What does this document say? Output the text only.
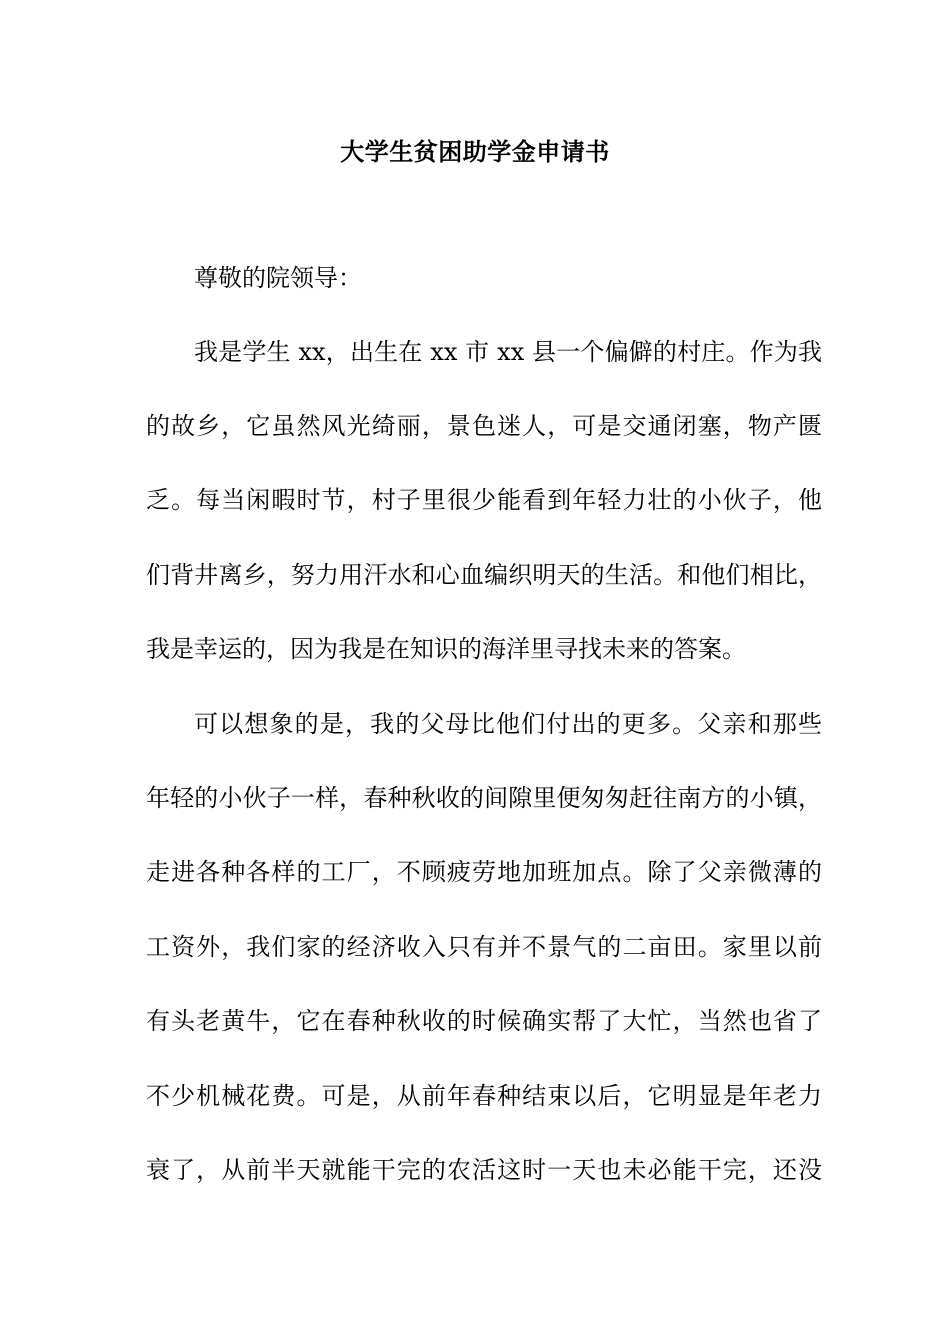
大学生贫困助学金申请书
尊敬的院领导：
我是学生 xx，出生在 xx 市 xx 县一个偏僻的村庄。作为我
的故乡，它虽然风光绮丽，景色迷人，可是交通闭塞，物产匮
乏。每当闲暇时节，村子里很少能看到年轻力壮的小伙子，他
们背井离乡，努力用汗水和心血编织明天的生活。和他们相比，
我是幸运的，因为我是在知识的海洋里寻找未来的答案。
可以想象的是，我的父母比他们付出的更多。父亲和那些
年轻的小伙子一样，春种秋收的间隙里便匆匆赶往南方的小镇，
走进各种各样的工厂，不顾疲劳地加班加点。除了父亲微薄的
工资外，我们家的经济收入只有并不景气的二亩田。家里以前
有头老黄牛，它在春种秋收的时候确实帮了大忙，当然也省了
不少机械花费。可是，从前年春种结束以后，它明显是年老力
衰了，从前半天就能干完的农活这时一天也未必能干完，还没
